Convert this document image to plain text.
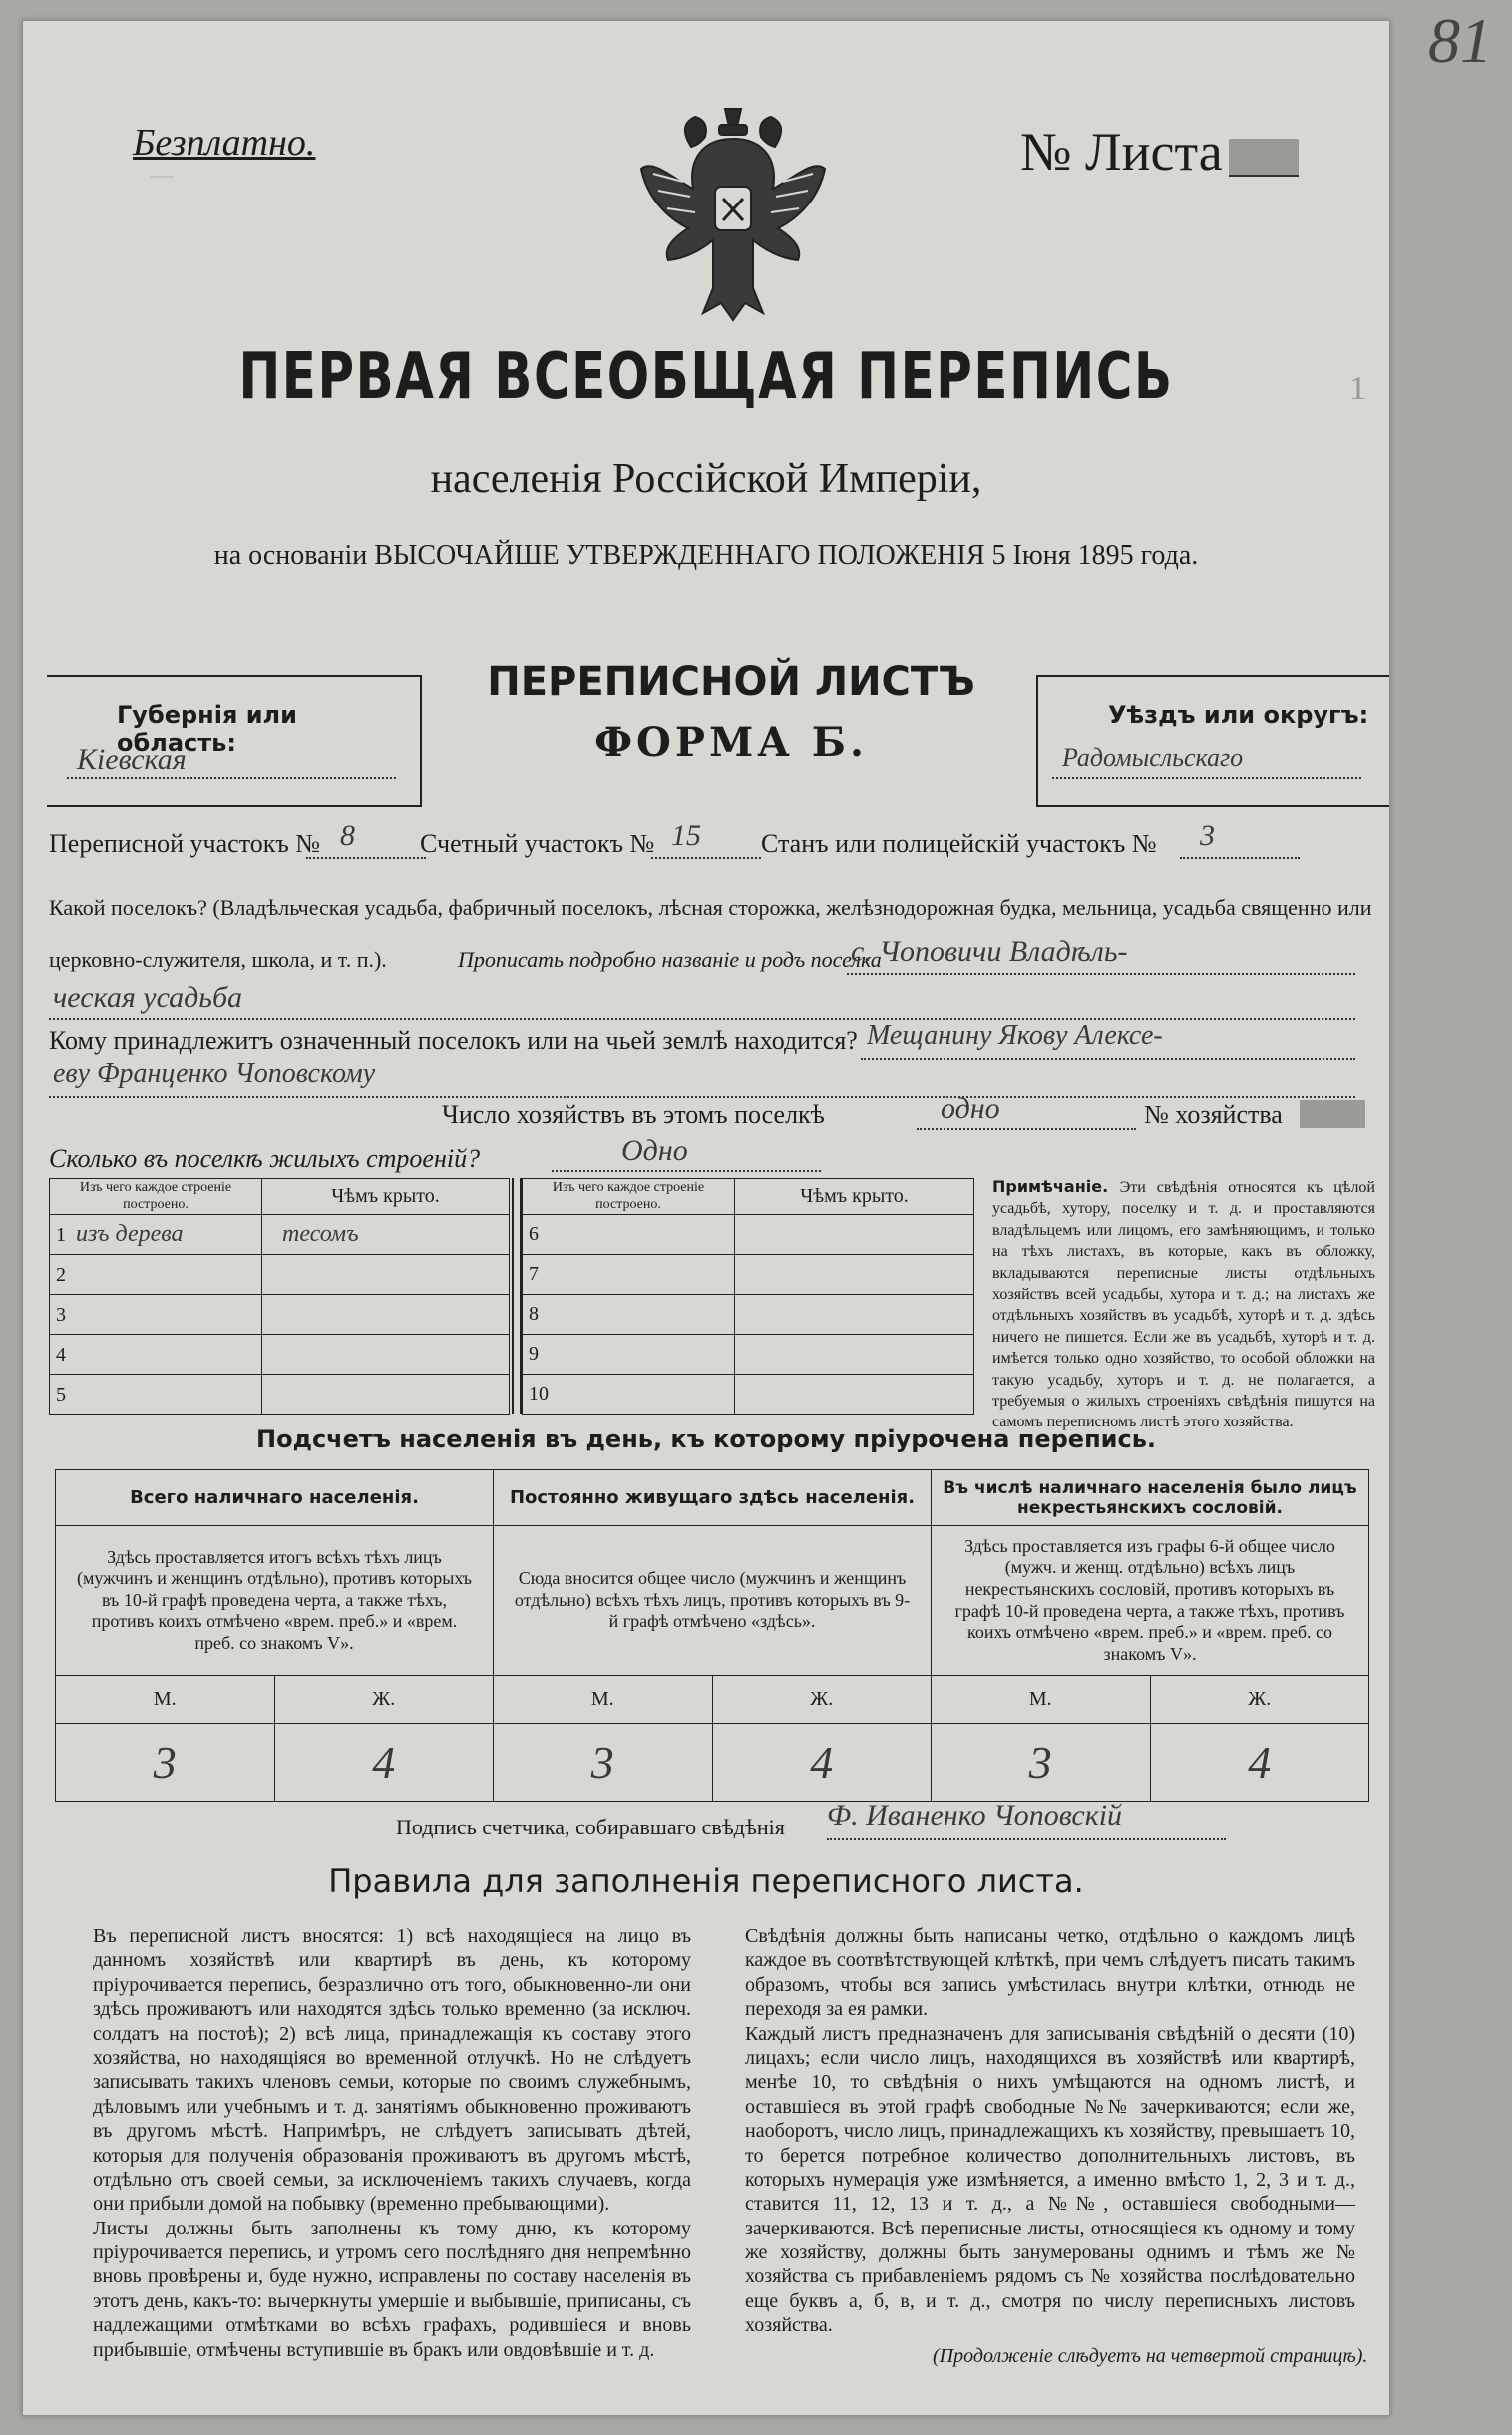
81
—
1
Безплатно.	№ Листа
ПЕРВАЯ ВСЕОБЩАЯ ПЕРЕПИСЬ
населенія Россійской Имперіи,
на основаніи ВЫСОЧАЙШЕ УТВЕРЖДЕННАГО ПОЛОЖЕНІЯ 5 Іюня 1895 года.
Губернія или область:
Кіевская
ПЕРЕПИСНОЙ ЛИСТЪ
ФОРМА Б.
Уѣздъ или округъ:
Радомысльскаго
Переписной участокъ № 8	Счетный участокъ № 15 Станъ или полицейскій участокъ № 3
Какой поселокъ? (Владѣльческая усадьба, фабричный поселокъ, лѣсная сторожка, желѣзнодорожная будка, мельница, усадьба священно или
церковно-служителя, школа, и т. п.).	Прописать подробно названіе и родъ поселка
с. Чоповичи Владѣль-
ческая усадьба
Кому принадлежитъ означенный поселокъ или на чьей землѣ находится? Мещанину Якову Алексе-
еву Франценко Чоповскому
Число хозяйствъ въ этомъ поселкѣ	одно	№ хозяйства
Сколько въ поселкѣ жилыхъ строеній?	Одно
Изъ чего каждое строеніе построено.	Чѣмъ крыто.
1 изъ дерева	тесомъ
2	
3	
4	
5	
Изъ чего каждое строеніе построено.	Чѣмъ крыто.
6	
7	
8	
9	
10	
Примѣчаніе. Эти свѣдѣнія относятся къ цѣлой усадьбѣ, хутору, поселку и т. д. и проставляются владѣльцемъ или лицомъ, его замѣняющимъ, и только на тѣхъ листахъ, въ которые, какъ въ обложку, вкладываются переписные листы отдѣльныхъ хозяйствъ всей усадьбы, хутора и т. д.; на листахъ же отдѣльныхъ хозяйствъ въ усадьбѣ, хуторѣ и т. д. здѣсь ничего не пишется. Если же въ усадьбѣ, хуторѣ и т. д. имѣется только одно хозяйство, то особой обложки на такую усадьбу, хуторъ и т. д. не полагается, а требуемыя о жилыхъ строеніяхъ свѣдѣнія пишутся на самомъ переписномъ листѣ этого хозяйства.
Подсчетъ населенія въ день, къ которому пріурочена перепись.
Всего наличнаго населенія.		Постоянно живущаго здѣсь населенія.		Въ числѣ наличнаго населенія было лицъ некрестьянскихъ сословій.	
Здѣсь проставляется итогъ всѣхъ тѣхъ лицъ (мужчинъ и женщинъ отдѣльно), противъ которыхъ въ 10-й графѣ проведена черта, а также тѣхъ, противъ коихъ отмѣчено «врем. преб.» и «врем. преб. со знакомъ V».		Сюда вносится общее число (мужчинъ и женщинъ отдѣльно) всѣхъ тѣхъ лицъ, противъ которыхъ въ 9-й графѣ отмѣчено «здѣсь».		Здѣсь проставляется изъ графы 6-й общее число (мужч. и женщ. отдѣльно) всѣхъ лицъ некрестьянскихъ сословій, противъ которыхъ въ графѣ 10-й проведена черта, а также тѣхъ, противъ коихъ отмѣчено «врем. преб.» и «врем. преб. со знакомъ V».	
М.	Ж.	М.	Ж.	М.	Ж.
3	4	3	4	3	4
Подпись счетчика, собиравшаго свѣдѣнія Ф. Иваненко Чоповскій
Правила для заполненія переписного листа.
Въ переписной листъ вносятся: 1) всѣ находящіеся на лицо въ данномъ хозяйствѣ или квартирѣ въ день, къ которому пріурочивается перепись, безразлично отъ того, обыкновенно-ли они здѣсь проживаютъ или находятся здѣсь только временно (за исключ. солдатъ на постоѣ); 2) всѣ лица, принадлежащія къ составу этого хозяйства, но находящіяся во временной отлучкѣ. Но не слѣдуетъ записывать такихъ членовъ семьи, которые по своимъ служебнымъ, дѣловымъ или учебнымъ и т. д. занятіямъ обыкновенно проживаютъ въ другомъ мѣстѣ. Напримѣръ, не слѣдуетъ записывать дѣтей, которыя для полученія образованія проживаютъ въ другомъ мѣстѣ, отдѣльно отъ своей семьи, за исключеніемъ такихъ случаевъ, когда они прибыли домой на побывку (временно пребывающими).
Листы должны быть заполнены къ тому дню, къ которому пріурочивается перепись, и утромъ сего послѣдняго дня непремѣнно вновь провѣрены и, буде нужно, исправлены по составу населенія въ этотъ день, какъ-то: вычеркнуты умершіе и выбывшіе, приписаны, съ надлежащими отмѣтками во всѣхъ графахъ, родившіеся и вновь прибывшіе, отмѣчены вступившіе въ бракъ или овдовѣвшіе и т. д.
Свѣдѣнія должны быть написаны четко, отдѣльно о каждомъ лицѣ каждое въ соотвѣтствующей клѣткѣ, при чемъ слѣдуетъ писать такимъ образомъ, чтобы вся запись умѣстилась внутри клѣтки, отнюдь не переходя за ея рамки.
Каждый листъ предназначенъ для записыванія свѣдѣній о десяти (10) лицахъ; если число лицъ, находящихся въ хозяйствѣ или квартирѣ, менѣе 10, то свѣдѣнія о нихъ умѣщаются на одномъ листѣ, и оставшіеся въ этой графѣ свободные №№ зачеркиваются; если же, наоборотъ, число лицъ, принадлежащихъ къ хозяйству, превышаетъ 10, то берется потребное количество дополнительныхъ листовъ, въ которыхъ нумерація уже измѣняется, а именно вмѣсто 1, 2, 3 и т. д., ставится 11, 12, 13 и т. д., а №№, оставшіеся свободными—зачеркиваются. Всѣ переписные листы, относящіеся къ одному и тому же хозяйству, должны быть занумерованы однимъ и тѣмъ же № хозяйства съ прибавленіемъ рядомъ съ № хозяйства послѣдовательно еще буквъ а, б, в, и т. д., смотря по числу переписныхъ листовъ хозяйства.
(Продолженіе слѣдуетъ на четвертой страницѣ).
